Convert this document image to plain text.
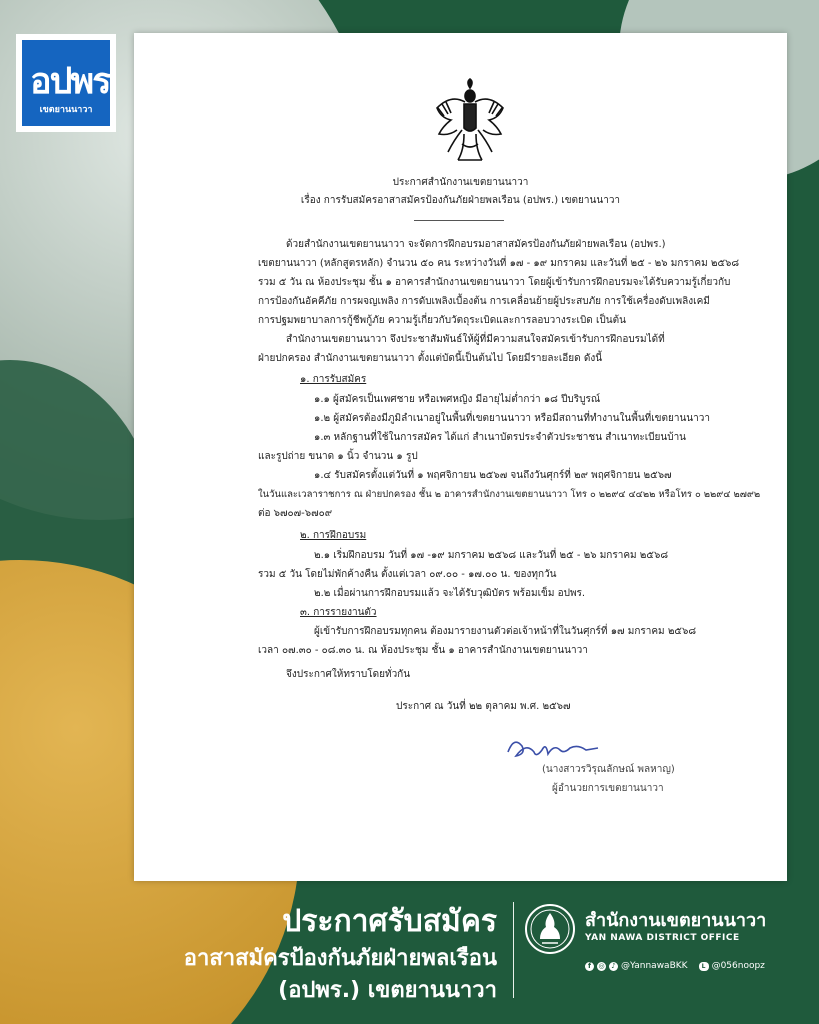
อปพร
เขตยานนาวา
ประกาศสำนักงานเขตยานนาวา
เรื่อง การรับสมัครอาสาสมัครป้องกันภัยฝ่ายพลเรือน (อปพร.) เขตยานนาวา
ด้วยสำนักงานเขตยานนาวา จะจัดการฝึกอบรมอาสาสมัครป้องกันภัยฝ่ายพลเรือน (อปพร.)
เขตยานนาวา (หลักสูตรหลัก) จำนวน ๕๐ คน ระหว่างวันที่ ๑๗ - ๑๙ มกราคม และวันที่ ๒๕ - ๒๖ มกราคม ๒๕๖๘
รวม ๕ วัน ณ ห้องประชุม ชั้น ๑ อาคารสำนักงานเขตยานนาวา โดยผู้เข้ารับการฝึกอบรมจะได้รับความรู้เกี่ยวกับ
การป้องกันอัคคีภัย การผจญเพลิง การดับเพลิงเบื้องต้น การเคลื่อนย้ายผู้ประสบภัย การใช้เครื่องดับเพลิงเคมี
การปฐมพยาบาลการกู้ชีพกู้ภัย ความรู้เกี่ยวกับวัตถุระเบิดและการลอบวางระเบิด เป็นต้น
สำนักงานเขตยานนาวา จึงประชาสัมพันธ์ให้ผู้ที่มีความสนใจสมัครเข้ารับการฝึกอบรมได้ที่
ฝ่ายปกครอง สำนักงานเขตยานนาวา ตั้งแต่บัดนี้เป็นต้นไป โดยมีรายละเอียด ดังนี้
๑. การรับสมัคร
๑.๑ ผู้สมัครเป็นเพศชาย หรือเพศหญิง มีอายุไม่ต่ำกว่า ๑๘ ปีบริบูรณ์
๑.๒ ผู้สมัครต้องมีภูมิลำเนาอยู่ในพื้นที่เขตยานนาวา หรือมีสถานที่ทำงานในพื้นที่เขตยานนาวา
๑.๓ หลักฐานที่ใช้ในการสมัคร ได้แก่ สำเนาบัตรประจำตัวประชาชน สำเนาทะเบียนบ้าน
และรูปถ่าย ขนาด ๑ นิ้ว จำนวน ๑ รูป
๑.๔ รับสมัครตั้งแต่วันที่ ๑ พฤศจิกายน ๒๕๖๗ จนถึงวันศุกร์ที่ ๒๙ พฤศจิกายน ๒๕๖๗
ในวันและเวลาราชการ ณ ฝ่ายปกครอง ชั้น ๒ อาคารสำนักงานเขตยานนาวา โทร ๐ ๒๒๙๔ ๔๔๒๒ หรือโทร ๐ ๒๒๙๔ ๒๗๙๒
ต่อ ๖๗๐๗-๖๗๐๙
๒. การฝึกอบรม
๒.๑ เริ่มฝึกอบรม วันที่ ๑๗ -๑๙ มกราคม ๒๕๖๘ และวันที่ ๒๕ - ๒๖ มกราคม ๒๕๖๘
รวม ๕ วัน โดยไม่พักค้างคืน ตั้งแต่เวลา ๐๙.๐๐ - ๑๗.๐๐ น. ของทุกวัน
๒.๒ เมื่อผ่านการฝึกอบรมแล้ว จะได้รับวุฒิบัตร พร้อมเข็ม อปพร.
๓. การรายงานตัว
ผู้เข้ารับการฝึกอบรมทุกคน ต้องมารายงานตัวต่อเจ้าหน้าที่ในวันศุกร์ที่ ๑๗ มกราคม ๒๕๖๘
เวลา ๐๗.๓๐ - ๐๘.๓๐ น. ณ ห้องประชุม ชั้น ๑ อาคารสำนักงานเขตยานนาวา
จึงประกาศให้ทราบโดยทั่วกัน
ประกาศ ณ วันที่ ๒๒ ตุลาคม พ.ศ. ๒๕๖๗
(นางสาวรวิรุณลักษณ์ พลหาญ)
ผู้อำนวยการเขตยานนาวา
ประกาศรับสมัคร
อาสาสมัครป้องกันภัยฝ่ายพลเรือน
(อปพร.) เขตยานนาวา
สำนักงานเขตยานนาวา
YAN NAWA DISTRICT OFFICE
f	◎ ♪ @YannawaBKK	L @056noopz
